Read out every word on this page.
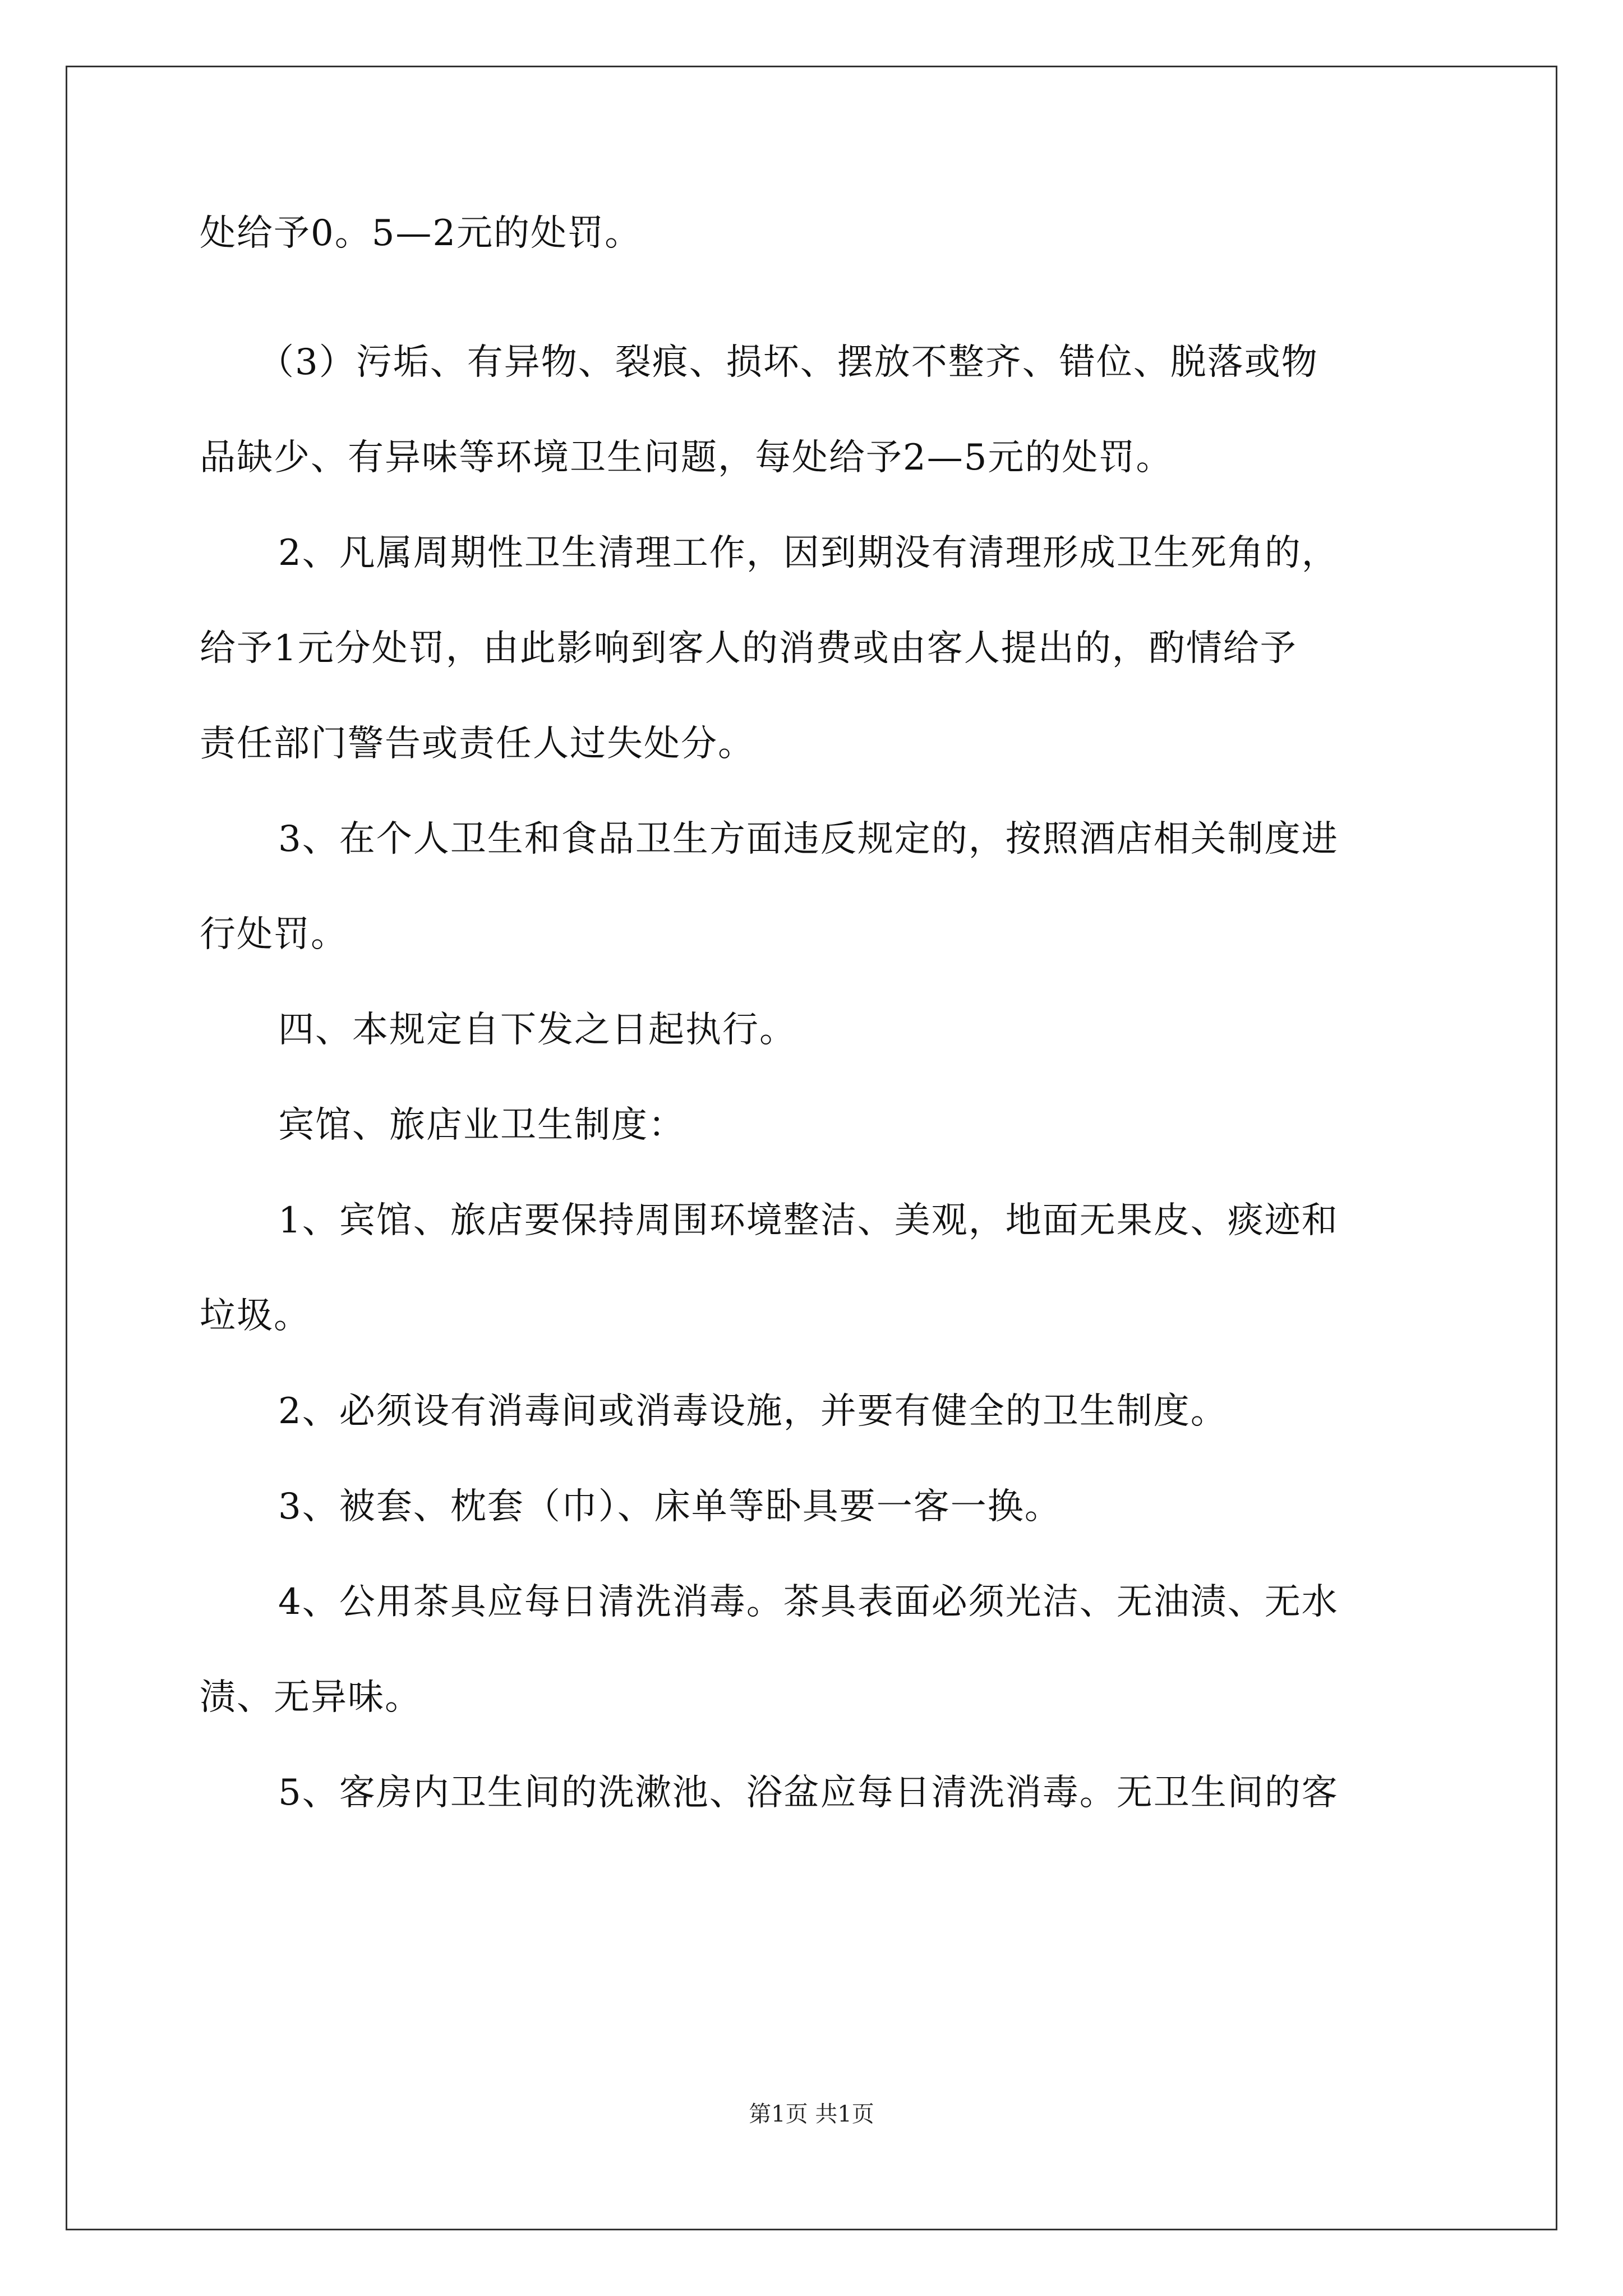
处给予0。5—2元的处罚。
（3）污垢、有异物、裂痕、损坏、摆放不整齐、错位、脱落或物
品缺少、有异味等环境卫生问题，每处给予2—5元的处罚。
2、凡属周期性卫生清理工作，因到期没有清理形成卫生死角的，
给予1元分处罚，由此影响到客人的消费或由客人提出的，酌情给予
责任部门警告或责任人过失处分。
3、在个人卫生和食品卫生方面违反规定的，按照酒店相关制度进
行处罚。
四、本规定自下发之日起执行。
宾馆、旅店业卫生制度：
1、宾馆、旅店要保持周围环境整洁、美观，地面无果皮、痰迹和
垃圾。
2、必须设有消毒间或消毒设施，并要有健全的卫生制度。
3、被套、枕套（巾）、床单等卧具要一客一换。
4、公用茶具应每日清洗消毒。茶具表面必须光洁、无油渍、无水
渍、无异味。
5、客房内卫生间的洗漱池、浴盆应每日清洗消毒。无卫生间的客
第1页 共1页
